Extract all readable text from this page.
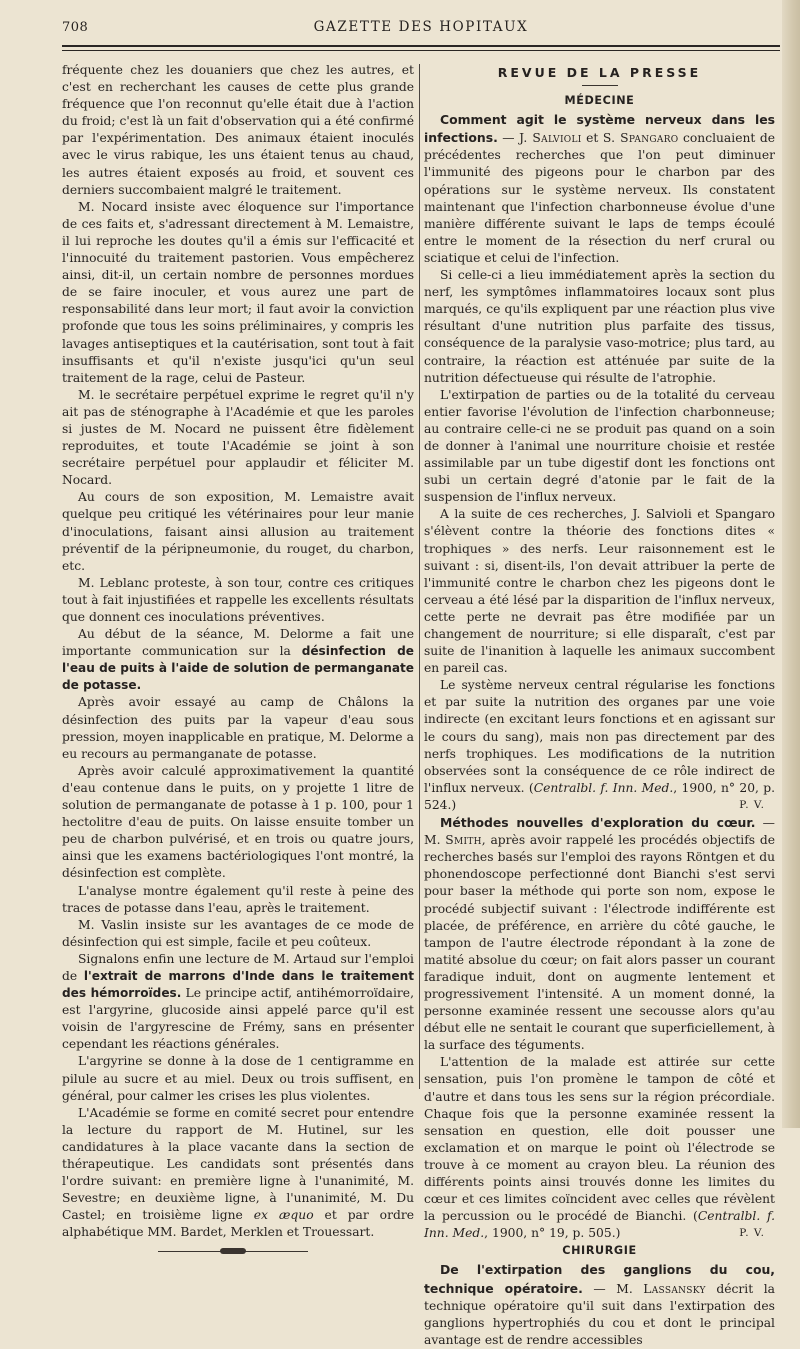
708	GAZETTE DES HOPITAUX

fréquente chez les douaniers que chez les autres, et c'est en recherchant les causes de cette plus grande fréquence que l'on reconnut qu'elle était due à l'action du froid; c'est là un fait d'observation qui a été confirmé par l'expérimentation. Des animaux étaient inoculés avec le virus rabique, les uns étaient tenus au chaud, les autres étaient exposés au froid, et souvent ces derniers succombaient malgré le traitement.

M. Nocard insiste avec éloquence sur l'importance de ces faits et, s'adressant directement à M. Lemaistre, il lui reproche les doutes qu'il a émis sur l'efficacité et l'innocuité du traitement pastorien. Vous empêcherez ainsi, dit-il, un certain nombre de personnes mordues de se faire inoculer, et vous aurez une part de responsabilité dans leur mort; il faut avoir la conviction profonde que tous les soins préliminaires, y compris les lavages antiseptiques et la cautérisation, sont tout à fait insuffisants et qu'il n'existe jusqu'ici qu'un seul traitement de la rage, celui de Pasteur.

M. le secrétaire perpétuel exprime le regret qu'il n'y ait pas de sténographe à l'Académie et que les paroles si justes de M. Nocard ne puissent être fidèlement reproduites, et toute l'Académie se joint à son secrétaire perpétuel pour applaudir et féliciter M. Nocard.

Au cours de son exposition, M. Lemaistre avait quelque peu critiqué les vétérinaires pour leur manie d'inoculations, faisant ainsi allusion au traitement préventif de la péripneumonie, du rouget, du charbon, etc.

M. Leblanc proteste, à son tour, contre ces critiques tout à fait injustifiées et rappelle les excellents résultats que donnent ces inoculations préventives.

Au début de la séance, M. Delorme a fait une importante communication sur la désinfection de l'eau de puits à l'aide de solution de permanganate de potasse.

Après avoir essayé au camp de Châlons la désinfection des puits par la vapeur d'eau sous pression, moyen inapplicable en pratique, M. Delorme a eu recours au permanganate de potasse.

Après avoir calculé approximativement la quantité d'eau contenue dans le puits, on y projette 1 litre de solution de permanganate de potasse à 1 p. 100, pour 1 hectolitre d'eau de puits. On laisse ensuite tomber un peu de charbon pulvérisé, et en trois ou quatre jours, ainsi que les examens bactériologiques l'ont montré, la désinfection est complète.

L'analyse montre également qu'il reste à peine des traces de potasse dans l'eau, après le traitement.

M. Vaslin insiste sur les avantages de ce mode de désinfection qui est simple, facile et peu coûteux.

Signalons enfin une lecture de M. Artaud sur l'emploi de l'extrait de marrons d'Inde dans le traitement des hémorroïdes. Le principe actif, antihémorroïdaire, est l'argyrine, glucoside ainsi appelé parce qu'il est voisin de l'argyrescine de Frémy, sans en présenter cependant les réactions générales.

L'argyrine se donne à la dose de 1 centigramme en pilule au sucre et au miel. Deux ou trois suffisent, en général, pour calmer les crises les plus violentes.

L'Académie se forme en comité secret pour entendre la lecture du rapport de M. Hutinel, sur les candidatures à la place vacante dans la section de thérapeutique. Les candidats sont présentés dans l'ordre suivant: en première ligne à l'unanimité, M. Sevestre; en deuxième ligne, à l'unanimité, M. Du Castel; en troisième ligne ex æquo et par ordre alphabétique MM. Bardet, Merklen et Trouessart.

REVUE DE LA PRESSE
MÉDECINE

Comment agit le système nerveux dans les infections. — J. Salvioli et S. Spangaro concluaient de précédentes recherches que l'on peut diminuer l'immunité des pigeons pour le charbon par des opérations sur le système nerveux. Ils constatent maintenant que l'infection charbonneuse évolue d'une manière différente suivant le laps de temps écoulé entre le moment de la résection du nerf crural ou sciatique et celui de l'infection.

Si celle-ci a lieu immédiatement après la section du nerf, les symptômes inflammatoires locaux sont plus marqués, ce qu'ils expliquent par une réaction plus vive résultant d'une nutrition plus parfaite des tissus, conséquence de la paralysie vaso-motrice; plus tard, au contraire, la réaction est atténuée par suite de la nutrition défectueuse qui résulte de l'atrophie.

L'extirpation de parties ou de la totalité du cerveau entier favorise l'évolution de l'infection charbonneuse; au contraire celle-ci ne se produit pas quand on a soin de donner à l'animal une nourriture choisie et restée assimilable par un tube digestif dont les fonctions ont subi un certain degré d'atonie par le fait de la suspension de l'influx nerveux.

A la suite de ces recherches, J. Salvioli et Spangaro s'élèvent contre la théorie des fonctions dites « trophiques » des nerfs. Leur raisonnement est le suivant : si, disent-ils, l'on devait attribuer la perte de l'immunité contre le charbon chez les pigeons dont le cerveau a été lésé par la disparition de l'influx nerveux, cette perte ne devrait pas être modifiée par un changement de nourriture; si elle disparaît, c'est par suite de l'inanition à laquelle les animaux succombent en pareil cas.

Le système nerveux central régularise les fonctions et par suite la nutrition des organes par une voie indirecte (en excitant leurs fonctions et en agissant sur le cours du sang), mais non pas directement par des nerfs trophiques. Les modifications de la nutrition observées sont la conséquence de ce rôle indirect de l'influx nerveux. (Centralbl. f. Inn. Med., 1900, n° 20, p. 524.)	P. V.

Méthodes nouvelles d'exploration du cœur. — M. Smith, après avoir rappelé les procédés objectifs de recherches basés sur l'emploi des rayons Röntgen et du phonendoscope perfectionné dont Bianchi s'est servi pour baser la méthode qui porte son nom, expose le procédé subjectif suivant : l'électrode indifférente est placée, de préférence, en arrière du côté gauche, le tampon de l'autre électrode répondant à la zone de matité absolue du cœur; on fait alors passer un courant faradique induit, dont on augmente lentement et progressivement l'intensité. A un moment donné, la personne examinée ressent une secousse alors qu'au début elle ne sentait le courant que superficiellement, à la surface des téguments.

L'attention de la malade est attirée sur cette sensation, puis l'on promène le tampon de côté et d'autre et dans tous les sens sur la région précordiale. Chaque fois que la personne examinée ressent la sensation en question, elle doit pousser une exclamation et on marque le point où l'électrode se trouve à ce moment au crayon bleu. La réunion des différents points ainsi trouvés donne les limites du cœur et ces limites coïncident avec celles que révèlent la percussion ou le procédé de Bianchi. (Centralbl. f. Inn. Med., 1900, n° 19, p. 505.)	P. V.

CHIRURGIE

De l'extirpation des ganglions du cou, technique opératoire. — M. Lassansky décrit la technique opératoire qu'il suit dans l'extirpation des ganglions hypertrophiés du cou et dont le principal avantage est de rendre accessibles
